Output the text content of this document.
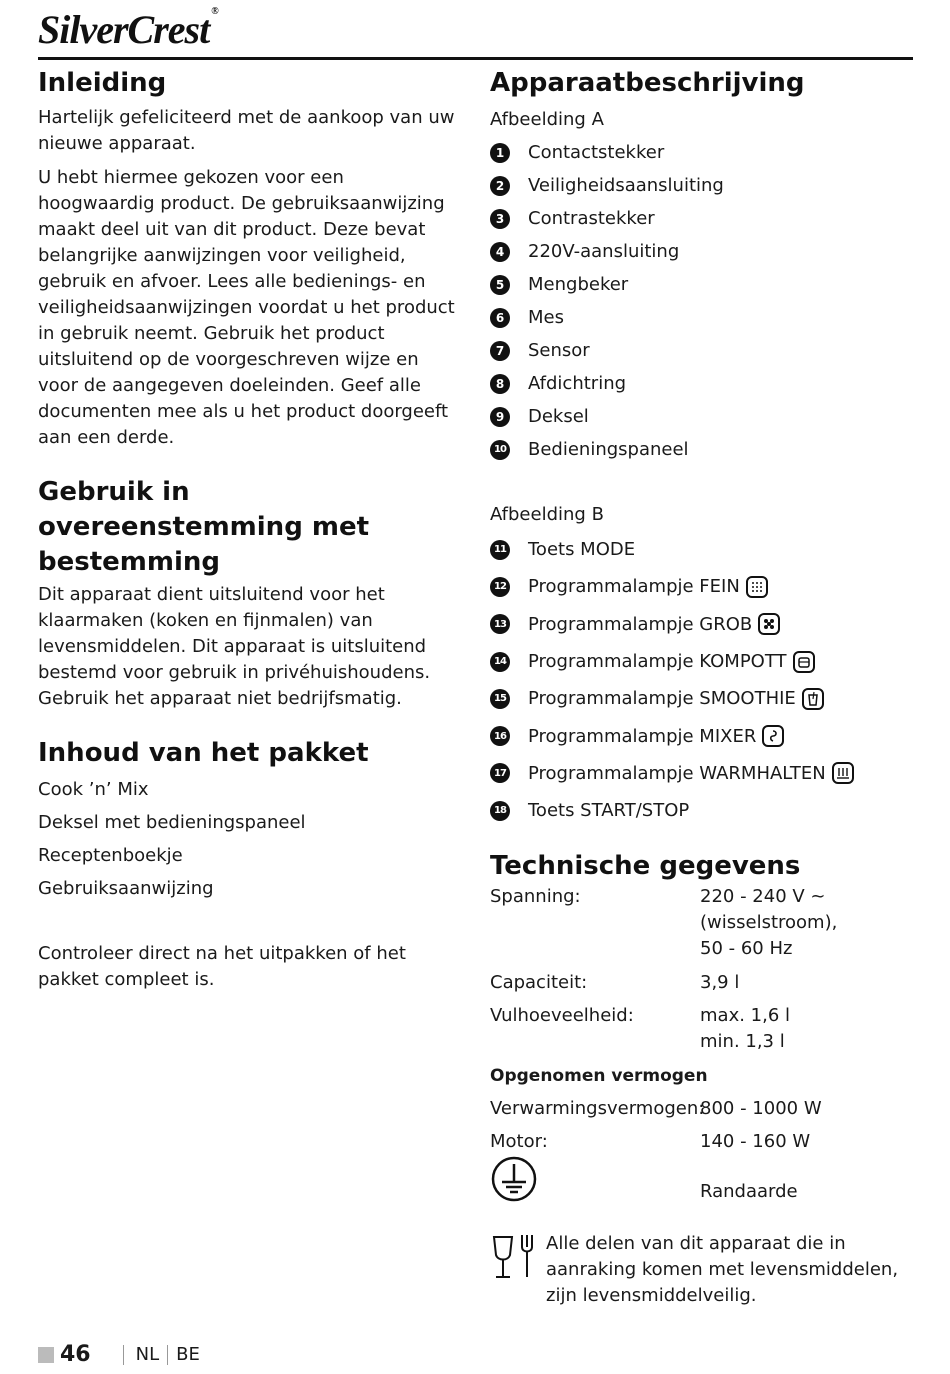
SilverCrest ®
Inleiding

Hartelijk gefeliciteerd met de aankoop van uw nieuwe apparaat.

U hebt hiermee gekozen voor een hoogwaardig product. De gebruiksaanwijzing maakt deel uit van dit product. Deze bevat belangrijke aanwijzingen voor veiligheid, gebruik en afvoer. Lees alle bedienings- en veiligheidsaanwijzingen voordat u het product in gebruik neemt. Gebruik het product uitsluitend op de voorgeschreven wijze en voor de aangegeven doeleinden. Geef alle documenten mee als u het product doorgeeft aan een derde.

Gebruik in overeenstemming met bestemming

Dit apparaat dient uitsluitend voor het klaarmaken (koken en fijnmalen) van levensmiddelen. Dit apparaat is uitsluitend bestemd voor gebruik in privéhuishoudens. Gebruik het apparaat niet bedrijfsmatig.

Inhoud van het pakket
Cook ’n’ Mix
Deksel met bedieningspaneel
Receptenboekje
Gebruiksaanwijzing

Controleer direct na het uitpakken of het pakket compleet is.

Apparaatbeschrijving
Afbeelding A
1	Contactstekker
2	Veiligheidsaansluiting
3	Contrastekker
4	220V-aansluiting
5	Mengbeker
6	Mes
7	Sensor
8	Afdichtring
9	Deksel
10 Bedieningspaneel
Afbeelding B
11 Toets MODE
12 Programmalampje FEIN
13 Programmalampje GROB
14 Programmalampje KOMPOTT
15 Programmalampje SMOOTHIE
16 Programmalampje MIXER
17 Programmalampje WARMHALTEN
18 Toets START/STOP
Technische gegevens
Spanning:	220 - 240 V ~
(wisselstroom),
50 - 60 Hz
Capaciteit:	3,9 l
Vulhoeveelheid:	max. 1,6 l
min. 1,3 l
Opgenomen vermogen
Verwarmingsvermogen:
800 - 1000 W
Motor:	140 - 160 W
Randaarde

Alle delen van dit apparaat die in aanraking komen met levensmiddelen, zijn levensmiddelveilig.

46	NL BE
